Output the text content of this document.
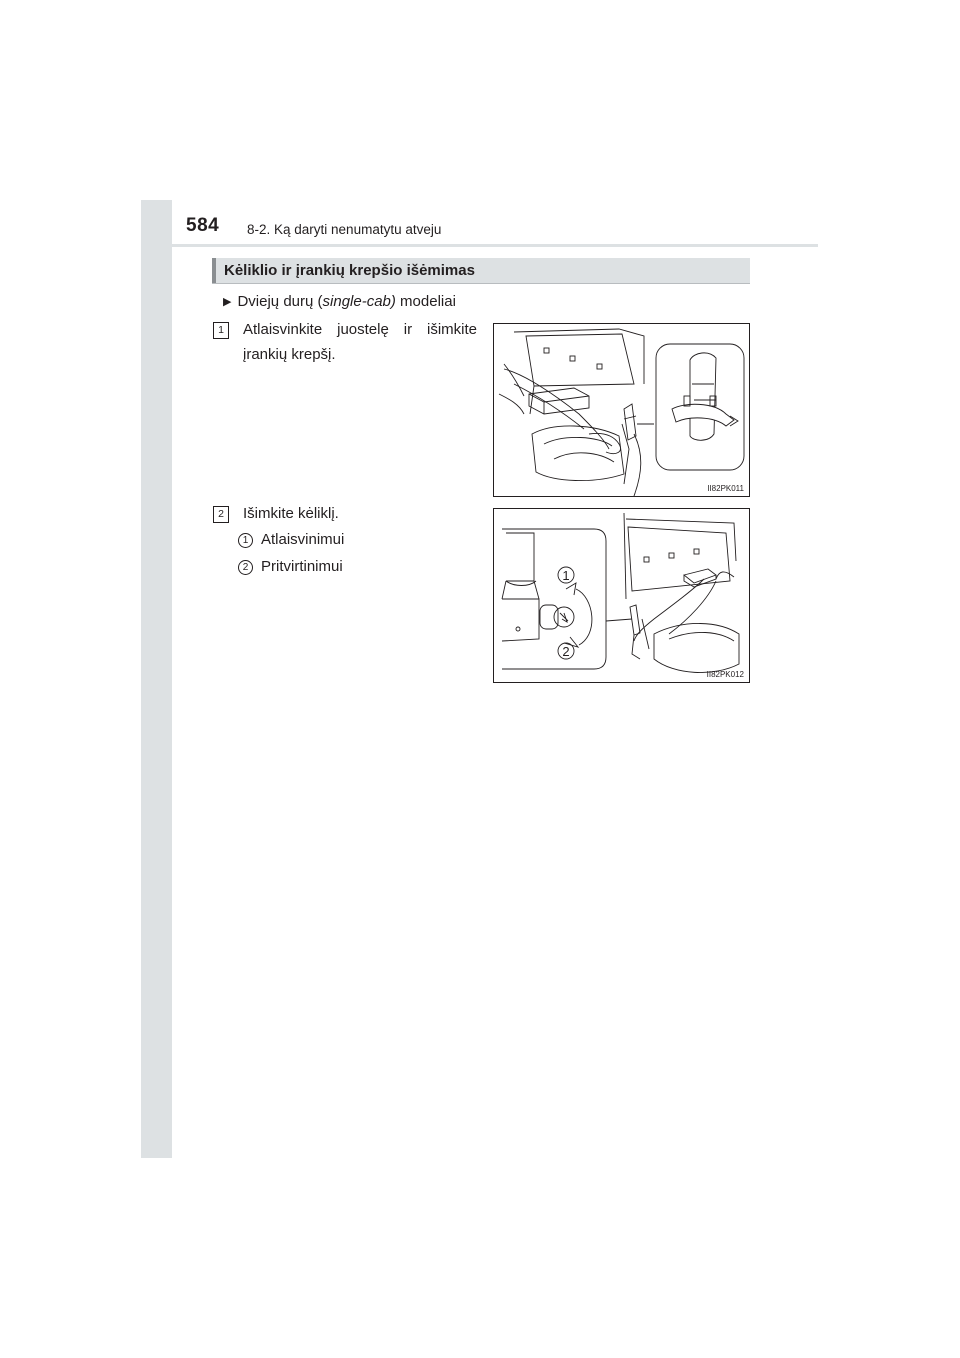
584 8-2. Ką daryti nenumatytu atveju
Kėliklio ir įrankių krepšio išėmimas
▶ Dviejų durų (single-cab) modeliai
1	Atlaisvinkite juostelę ir išimkite
įrankių krepšį.
II82PK011
2	Išimkite kėliklį.
1 Atlaisvinimui
2 Pritvirtinimui
1
2
II82PK012
